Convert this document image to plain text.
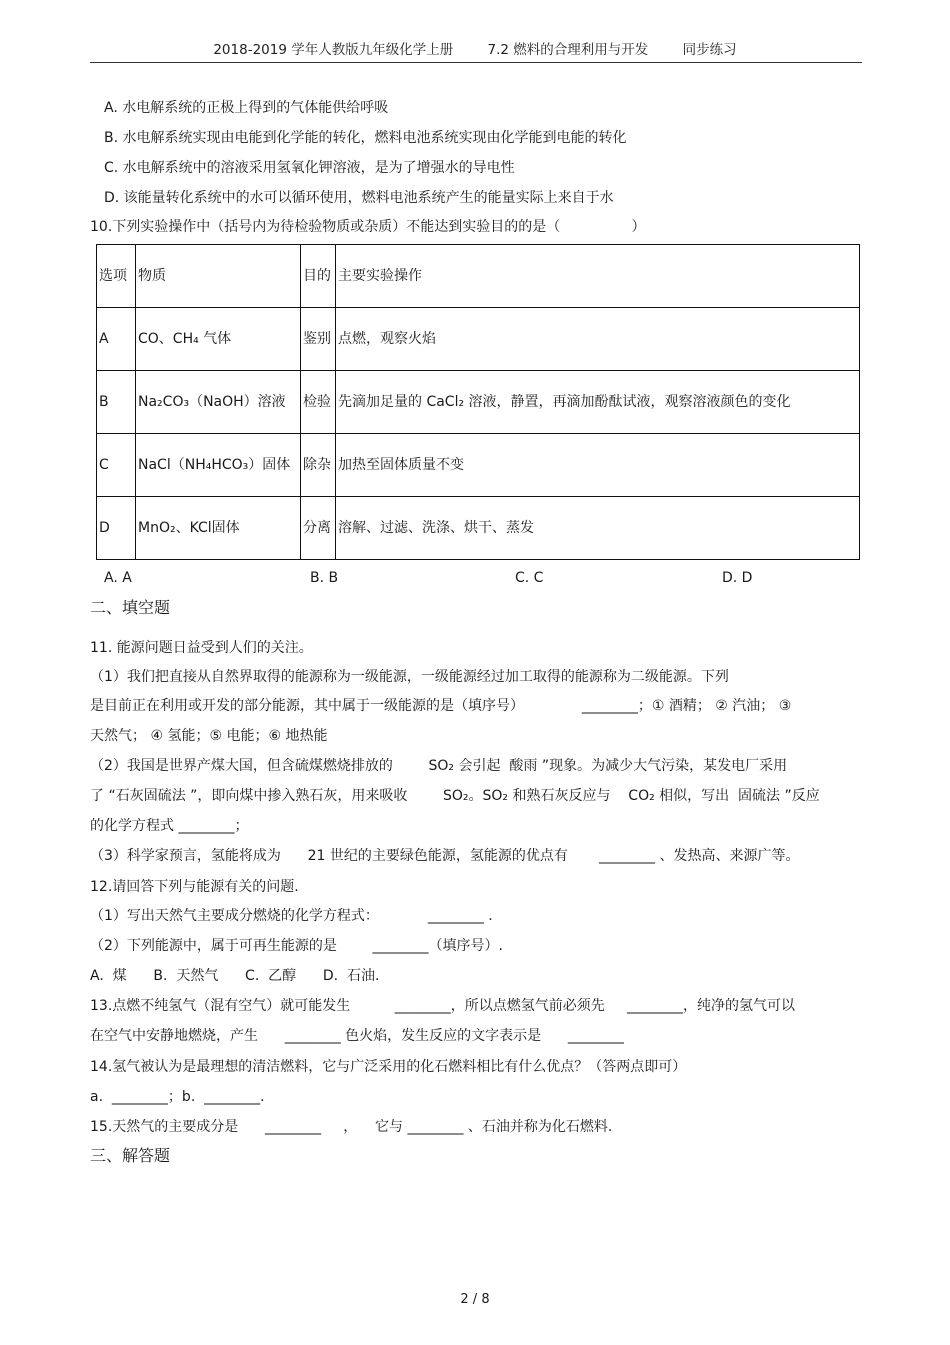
2018-2019 学年人教版九年级化学上册        7.2 燃料的合理利用与开发        同步练习
A. 水电解系统的正极上得到的气体能供给呼吸
B. 水电解系统实现由电能到化学能的转化，燃料电池系统实现由化学能到电能的转化
C. 水电解系统中的溶液采用氢氧化钾溶液，是为了增强水的导电性
D. 该能量转化系统中的水可以循环使用，燃料电池系统产生的能量实际上来自于水
10.下列实验操作中（括号内为待检验物质或杂质）不能达到实验目的的是（                ）
选项	物质	目的	主要实验操作
A	CO、CH₄ 气体	鉴别	点燃，观察火焰
B	Na₂CO₃（NaOH）溶液	检验	先滴加足量的 CaCl₂ 溶液，静置，再滴加酚酞试液，观察溶液颜色的变化
C	NaCl（NH₄HCO₃）固体	除杂	加热至固体质量不变
D	MnO₂、KCl固体	分离	溶解、过滤、洗涤、烘干、蒸发
A. A	B. B	C. C	D. D
二、填空题
11. 能源问题日益受到人们的关注。
（1）我们把直接从自然界取得的能源称为一级能源，一级能源经过加工取得的能源称为二级能源。下列
是目前正在利用或开发的部分能源，其中属于一级能源的是（填序号）             ________；① 酒精； ② 汽油； ③
天然气； ④ 氢能；⑤ 电能；⑥ 地热能
（2）我国是世界产煤大国，但含硫煤燃烧排放的        SO₂ 会引起  酸雨 ”现象。为减少大气污染，某发电厂采用
了 “石灰固硫法 ”，即向煤中掺入熟石灰，用来吸收        SO₂。SO₂ 和熟石灰反应与    CO₂ 相似，写出  固硫法 ”反应
的化学方程式 ________；
（3）科学家预言，氢能将成为      21 世纪的主要绿色能源，氢能源的优点有       ________ 、发热高、来源广等。
12.请回答下列与能源有关的问题.
（1）写出天然气主要成分燃烧的化学方程式：           ________ .
（2）下列能源中，属于可再生能源的是        ________（填序号）.
A.  煤      B.  天然气      C.  乙醇      D.  石油.
13.点燃不纯氢气（混有空气）就可能发生          ________，所以点燃氢气前必须先     ________，纯净的氢气可以
在空气中安静地燃烧，产生      ________ 色火焰，发生反应的文字表示是      ________
14.氢气被认为是最理想的清洁燃料，它与广泛采用的化石燃料相比有什么优点？（答两点即可）
a.  ________；b.  ________.
15.天然气的主要成分是      ________     ，    它与 ________ 、石油并称为化石燃料.
三、解答题
2 / 8
